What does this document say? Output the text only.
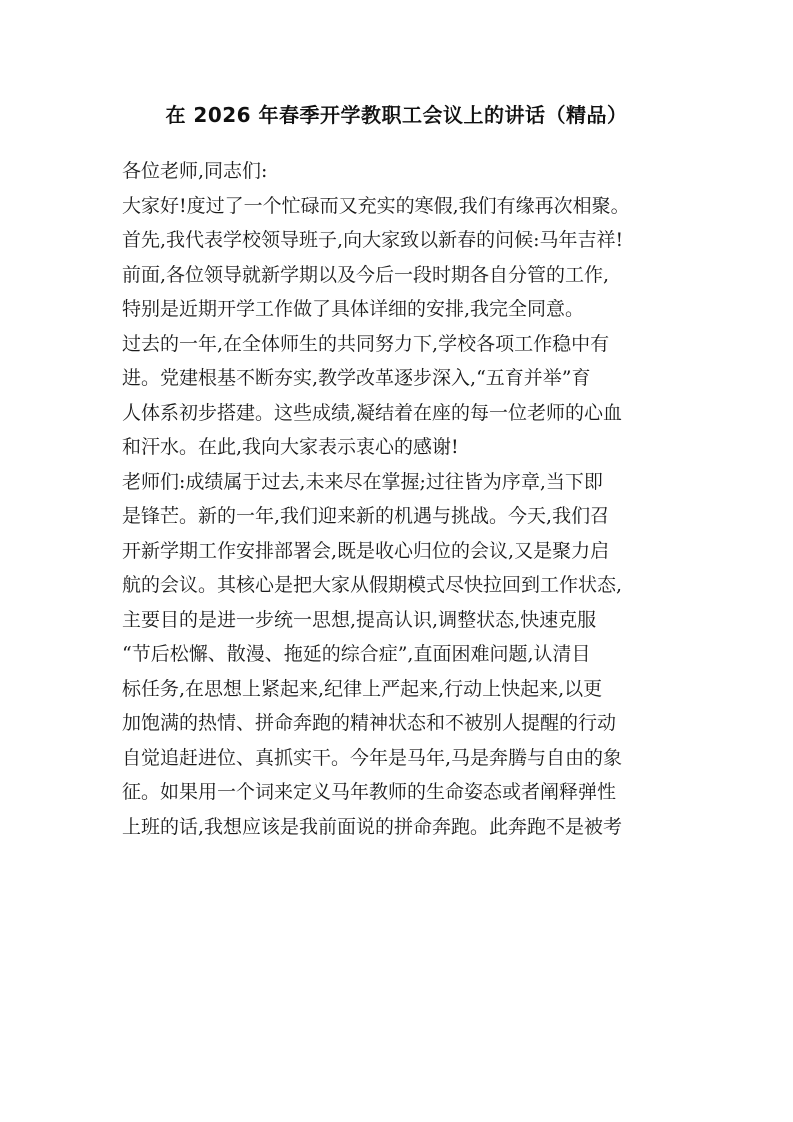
在 2026 年春季开学教职工会议上的讲话（精品）
各位老师,同志们:
大家好!度过了一个忙碌而又充实的寒假,我们有缘再次相聚。
首先,我代表学校领导班子,向大家致以新春的问候:马年吉祥!
前面,各位领导就新学期以及今后一段时期各自分管的工作,
特别是近期开学工作做了具体详细的安排,我完全同意。
过去的一年,在全体师生的共同努力下,学校各项工作稳中有
进。党建根基不断夯实,教学改革逐步深入,“五育并举”育
人体系初步搭建。这些成绩,凝结着在座的每一位老师的心血
和汗水。在此,我向大家表示衷心的感谢!
老师们:成绩属于过去,未来尽在掌握;过往皆为序章,当下即
是锋芒。新的一年,我们迎来新的机遇与挑战。今天,我们召
开新学期工作安排部署会,既是收心归位的会议,又是聚力启
航的会议。其核心是把大家从假期模式尽快拉回到工作状态,
主要目的是进一步统一思想,提高认识,调整状态,快速克服
“节后松懈、散漫、拖延的综合症”,直面困难问题,认清目
标任务,在思想上紧起来,纪律上严起来,行动上快起来,以更
加饱满的热情、拼命奔跑的精神状态和不被别人提醒的行动
自觉追赶进位、真抓实干。今年是马年,马是奔腾与自由的象
征。如果用一个词来定义马年教师的生命姿态或者阐释弹性
上班的话,我想应该是我前面说的拼命奔跑。此奔跑不是被考
